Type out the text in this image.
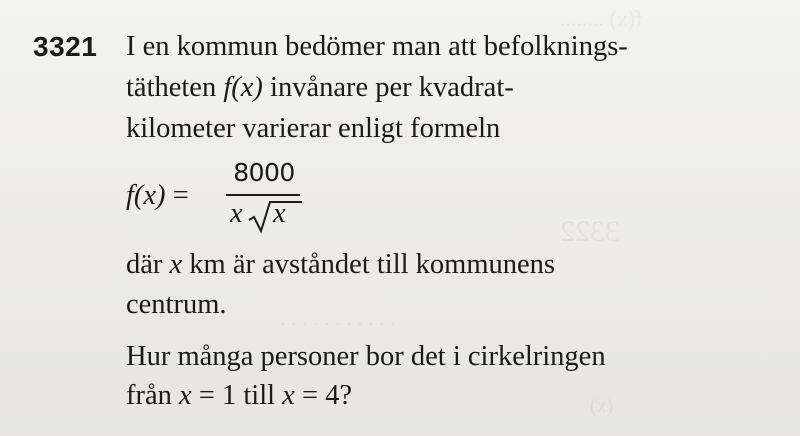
f(x) ........
3322
. . . . . . . . . . .
(x)
3321 I en kommun bedömer man att befolknings-
tätheten f(x) invånare per kvadrat-
kilometer varierar enligt formeln
f(x) =
8000
x x
där x km är avståndet till kommunens
centrum.
Hur många personer bor det i cirkelringen
från x = 1 till x = 4?
